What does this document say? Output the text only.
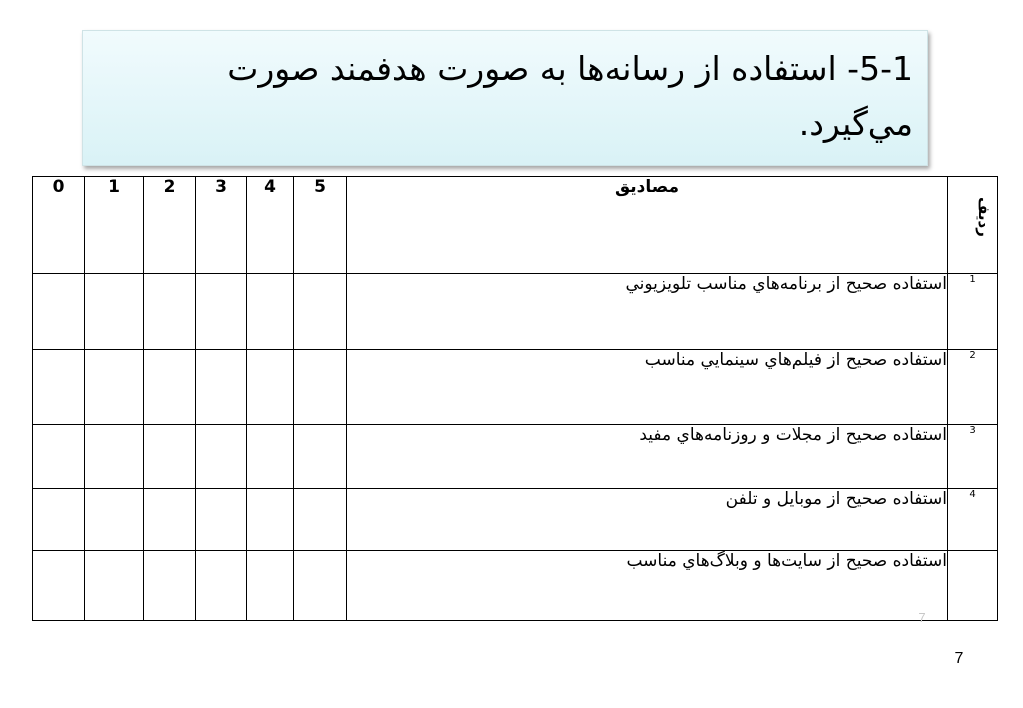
5-1- استفاده از رسانه‌ها به صورت هدفمند صورت
مي‌گيرد.
0	1	2	3	4	5	مصاديق	رديف

						استفاده صحيح از برنامه‌هاي مناسب تلويزيوني	1
						استفاده صحيح از فيلم‌هاي سينمايي مناسب	2
						استفاده صحيح از مجلات و روزنامه‌هاي مفيد	3
						استفاده صحيح از موبايل و تلفن	4
						استفاده صحيح از سايت‌ها و وبلاگ‌هاي مناسب	
7
7
